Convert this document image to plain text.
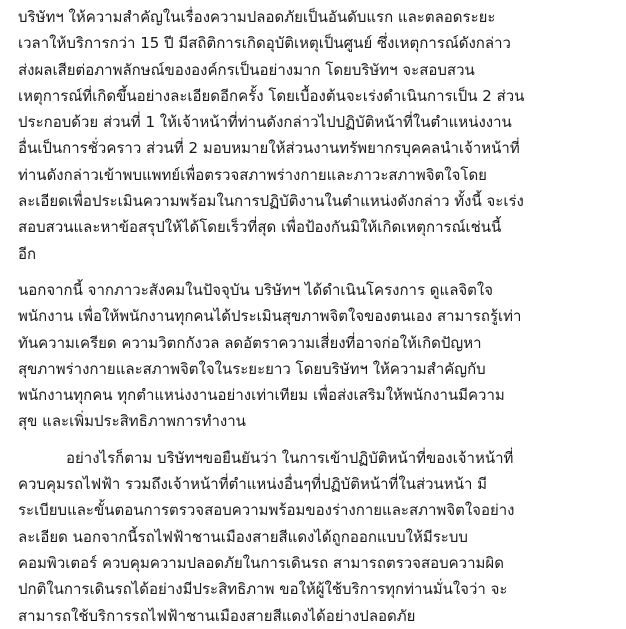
บริษัทฯ ให้ความสำคัญในเรื่องความปลอดภัยเป็นอันดับแรก และตลอดระยะ
เวลาให้บริการกว่า 15 ปี มีสถิติการเกิดอุบัติเหตุเป็นศูนย์ ซึ่งเหตุการณ์ดังกล่าว
ส่งผลเสียต่อภาพลักษณ์ขององค์กรเป็นอย่างมาก โดยบริษัทฯ จะสอบสวน
เหตุการณ์ที่เกิดขึ้นอย่างละเอียดอีกครั้ง โดยเบื้องต้นจะเร่งดำเนินการเป็น 2 ส่วน
ประกอบด้วย ส่วนที่ 1 ให้เจ้าหน้าที่ท่านดังกล่าวไปปฏิบัติหน้าที่ในตำแหน่งงาน
อื่นเป็นการชั่วคราว ส่วนที่ 2 มอบหมายให้ส่วนงานทรัพยากรบุคคลนำเจ้าหน้าที่
ท่านดังกล่าวเข้าพบแพทย์เพื่อตรวจสภาพร่างกายและภาวะสภาพจิตใจโดย
ละเอียดเพื่อประเมินความพร้อมในการปฏิบัติงานในตำแหน่งดังกล่าว ทั้งนี้ จะเร่ง
สอบสวนและหาข้อสรุปให้ได้โดยเร็วที่สุด เพื่อป้องกันมิให้เกิดเหตุการณ์เช่นนี้
อีก

นอกจากนี้ จากภาวะสังคมในปัจจุบัน บริษัทฯ ได้ดำเนินโครงการ ดูแลจิตใจ
พนักงาน เพื่อให้พนักงานทุกคนได้ประเมินสุขภาพจิตใจของตนเอง สามารถรู้เท่า
ทันความเครียด ความวิตกกังวล ลดอัตราความเสี่ยงที่อาจก่อให้เกิดปัญหา
สุขภาพร่างกายและสภาพจิตใจในระยะยาว โดยบริษัทฯ ให้ความสำคัญกับ
พนักงานทุกคน ทุกตำแหน่งงานอย่างเท่าเทียม เพื่อส่งเสริมให้พนักงานมีความ
สุข และเพิ่มประสิทธิภาพการทำงาน

อย่างไรก็ตาม บริษัทฯขอยืนยันว่า ในการเข้าปฏิบัติหน้าที่ของเจ้าหน้าที่
ควบคุมรถไฟฟ้า รวมถึงเจ้าหน้าที่ตำแหน่งอื่นๆที่ปฏิบัติหน้าที่ในส่วนหน้า มี
ระเบียบและขั้นตอนการตรวจสอบความพร้อมของร่างกายและสภาพจิตใจอย่าง
ละเอียด นอกจากนี้รถไฟฟ้าชานเมืองสายสีแดงได้ถูกออกแบบให้มีระบบ
คอมพิวเตอร์ ควบคุมความปลอดภัยในการเดินรถ สามารถตรวจสอบความผิด
ปกติในการเดินรถได้อย่างมีประสิทธิภาพ ขอให้ผู้ใช้บริการทุกท่านมั่นใจว่า จะ
สามารถใช้บริการรถไฟฟ้าชานเมืองสายสีแดงได้อย่างปลอดภัย
